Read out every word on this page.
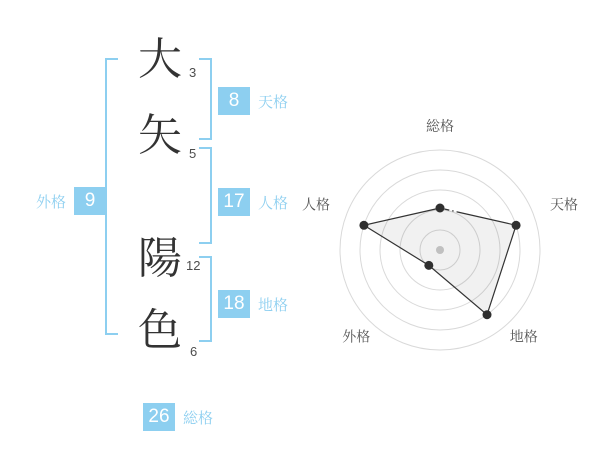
大
矢
陽
色
3
5
12
6
8	天格
17 人格
18 地格
外格 9
26 総格
総格
天格
地格
外格
人格
